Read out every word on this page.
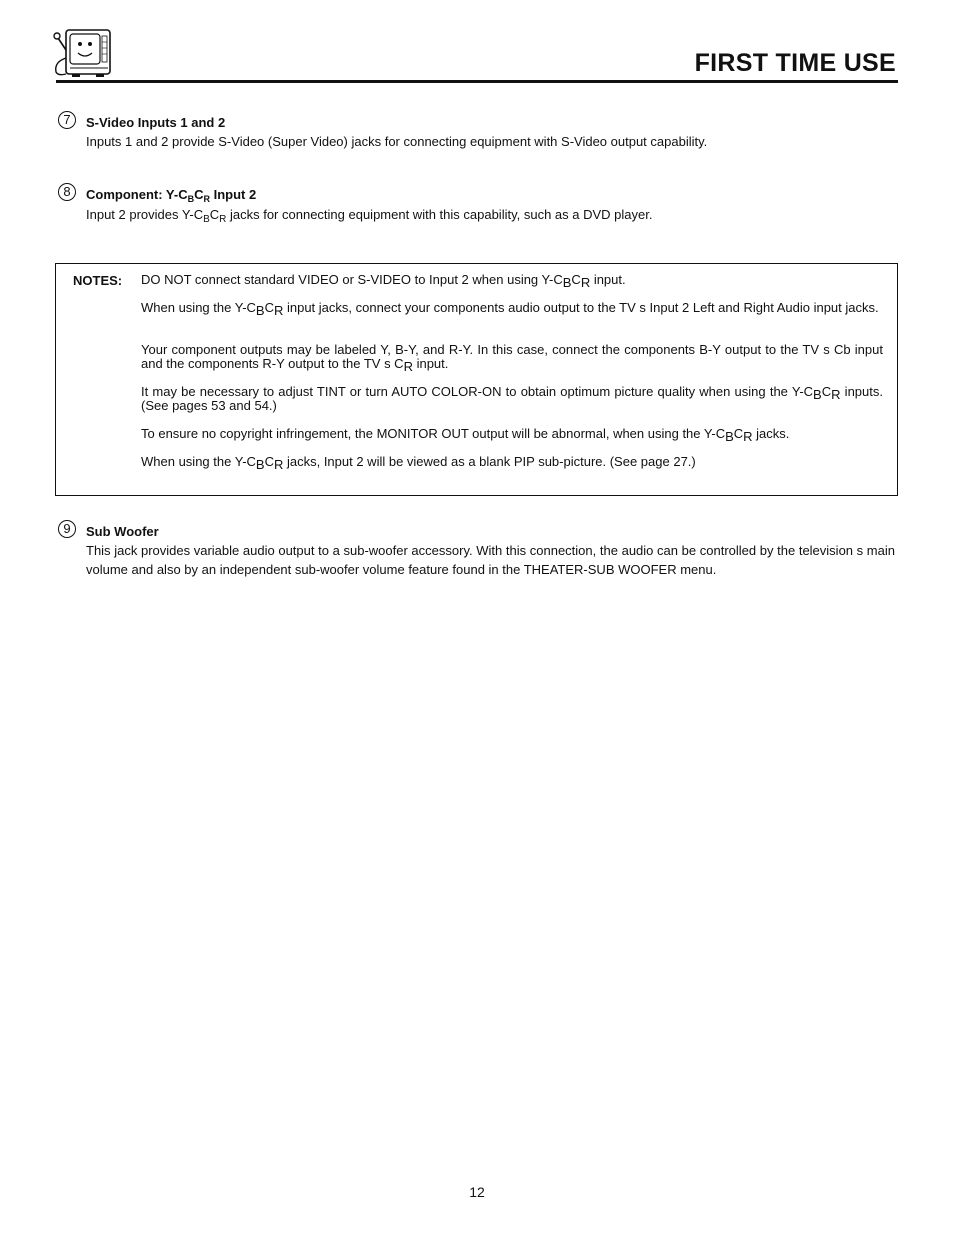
FIRST TIME USE
7	S-Video Inputs 1 and 2
Inputs 1 and 2 provide S-Video (Super Video) jacks for connecting equipment with S-Video output capability.
8	Component: $Y-C_BC_R$ Input 2
Input 2 provides $Y-C_BC_R$ jacks for connecting equipment with this capability, such as a DVD player.
NOTES: DO NOT connect standard VIDEO or S-VIDEO to Input 2 when using Y-CBCR input.
When using the Y-CBCR input jacks, connect your components audio output to the TV s Input 2 Left and Right Audio input jacks.
Your component outputs may be labeled Y, B-Y, and R-Y. In this case, connect the components B-Y output to the TV s Cb input and the components R-Y output to the TV s CR input.
It may be necessary to adjust TINT or turn AUTO COLOR-ON to obtain optimum picture quality when using the Y-CBCR inputs. (See pages 53 and 54.)
To ensure no copyright infringement, the MONITOR OUT output will be abnormal, when using the Y-CBCR jacks.
When using the Y-CBCR jacks, Input 2 will be viewed as a blank PIP sub-picture. (See page 27.)
9	Sub Woofer
This jack provides variable audio output to a sub-woofer accessory. With this connection, the audio can be controlled by the television s main volume and also by an independent sub-woofer volume feature found in the THEATER-SUB WOOFER menu.
12
